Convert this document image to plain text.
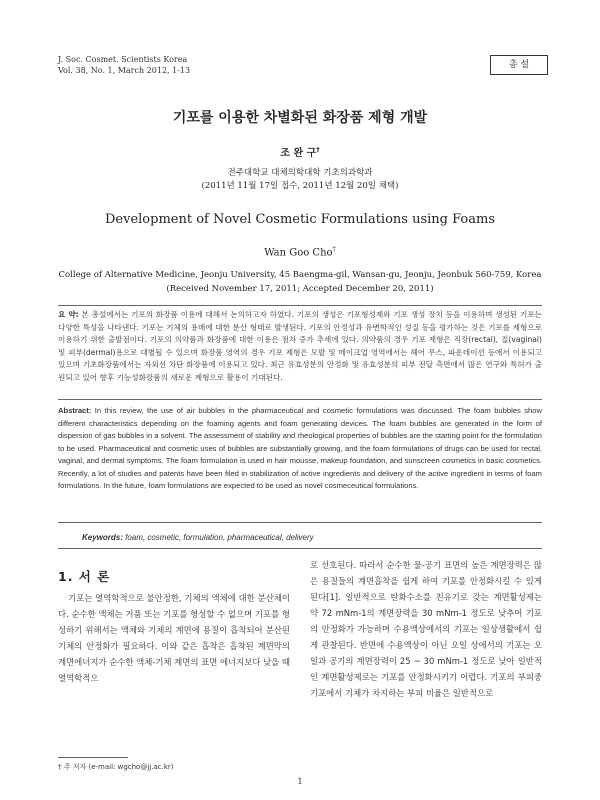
J. Soc. Cosmet. Scientists Korea
Vol. 38, No. 1, March 2012, 1-13
총 설
기포를 이용한 차별화된 화장품 제형 개발
조 완 구†
전주대학교 대체의학대학 기초의과학과
(2011년 11월 17일 접수, 2011년 12월 20일 채택)
Development of Novel Cosmetic Formulations using Foams
Wan Goo Cho†
College of Alternative Medicine, Jeonju University, 45 Baengma-gil, Wansan-gu, Jeonju, Jeonbuk 560-759, Korea
(Received November 17, 2011; Accepted December 20, 2011)
요 약: 본 총설에서는 기포의 화장품 이용에 대해서 논의하고자 하였다. 기포의 생성은 기포형성제와 기포 생성 장치 등을 이용하며 생성된 기포는 다양한 특성을 나타낸다. 기포는 기체의 용매에 대한 분산 형태로 발생된다. 기포의 안정성과 유변학적인 성질 등을 평가하는 것은 기포를 제형으로 이용하기 위한 출발점이다. 기포의 의약품과 화장품에 대한 이용은 점차 증가 추세에 있다. 의약품의 경우 기포 제형은 직장(rectal), 질(vaginal) 및 피부(dermal)용으로 대별될 수 있으며 화장품 영역의 경우 기포 제형은 모발 및 메이크업 영역에서는 헤어 무스, 파운데이션 등에서 이용되고 있으며 기초화장품에서는 자외선 차단 화장품에 이용되고 있다. 최근 유효성분의 안정화 및 유효성분의 피부 전달 측면에서 많은 연구와 특허가 출원되고 있어 향후 기능성화장품의 새로운 제형으로 활용이 기대된다.
Abstract: In this review, the use of air bubbles in the pharmaceutical and cosmetic formulations was discussed. The foam bubbles show different characteristics depending on the foaming agents and foam generating devices. The foam bubbles are generated in the form of dispersion of gas bubbles in a solvent. The assessment of stability and rheological properties of bubbles are the starting point for the formulation to be used. Pharmaceutical and cosmetic uses of bubbles are substantially growing, and the foam formulations of drugs can be used for rectal, vaginal, and dermal symptoms. The foam formulation is used in hair mousse, makeup foundation, and sunscreen cosmetics in basic cosmetics. Recently, a lot of studies and patents have been filed in stabilization of active ingredients and delivery of the active ingredient in terms of foam formulations. In the future, foam formulations are expected to be used as novel cosmeceutical formulations.
Keywords: foam, cosmetic, formulation, pharmaceutical, delivery
1. 서 론
기포는 열역학적으로 불안정한, 기체의 액체에 대한 분산체이다. 순수한 액체는 거품 또는 기포를 형성할 수 없으며 기포를 형성하기 위해서는 액체와 기체의 계면에 용질이 흡착되어 분산된 기체의 안정화가 필요하다. 이와 같은 흡착은 흡착된 계면막의 계면에너지가 순수한 액체-기체 계면의 표면 에너지보다 낮을 때 열역학적으
로 선호된다. 따라서 순수한 물-공기 표면의 높은 계면장력은 많은 용질들의 계면흡착을 쉽게 하여 기포를 안정화시킬 수 있게 된다[1]. 일반적으로 탄화수소를 친유기로 갖는 계면활성제는 약 72 mNm-1의 계면장력을 30 mNm-1 정도로 낮추어 기포의 안정화가 가능하며 수용액상에서의 기포는 일상생활에서 쉽게 관찰된다. 반면에 수용액상이 아닌 오일 상에서의 기포는 오일과 공기의 계면장력이 25 ~ 30 mNm-1 정도로 낮아 일반적인 계면활성제로는 기포를 안정화시키기 어렵다. 기포의 부피중 기포에서 기체가 차지하는 부피 비율은 일반적으로
† 주 저자 (e-mail: wgcho@jj.ac.kr)
1
